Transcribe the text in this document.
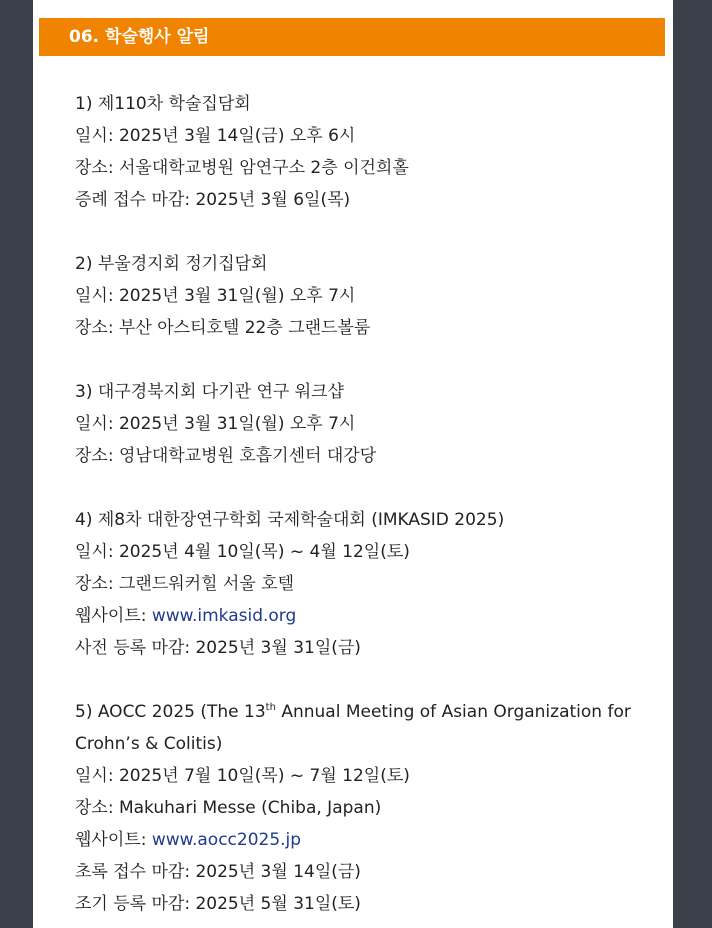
06. 학술행사 알림
1) 제110차 학술집담회
일시: 2025년 3월 14일(금) 오후 6시
장소: 서울대학교병원 암연구소 2층 이건희홀
증례 접수 마감: 2025년 3월 6일(목)
2) 부울경지회 정기집담회
일시: 2025년 3월 31일(월) 오후 7시
장소: 부산 아스티호텔 22층 그랜드볼룸
3) 대구경북지회 다기관 연구 워크샵
일시: 2025년 3월 31일(월) 오후 7시
장소: 영남대학교병원 호흡기센터 대강당
4) 제8차 대한장연구학회 국제학술대회 (IMKASID 2025)
일시: 2025년 4월 10일(목) ~ 4월 12일(토)
장소: 그랜드워커힐 서울 호텔
웹사이트: www.imkasid.org
사전 등록 마감: 2025년 3월 31일(금)
5) AOCC 2025 (The 13th Annual Meeting of Asian Organization for
Crohn’s & Colitis)
일시: 2025년 7월 10일(목) ~ 7월 12일(토)
장소: Makuhari Messe (Chiba, Japan)
웹사이트: www.aocc2025.jp
초록 접수 마감: 2025년 3월 14일(금)
조기 등록 마감: 2025년 5월 31일(토)
